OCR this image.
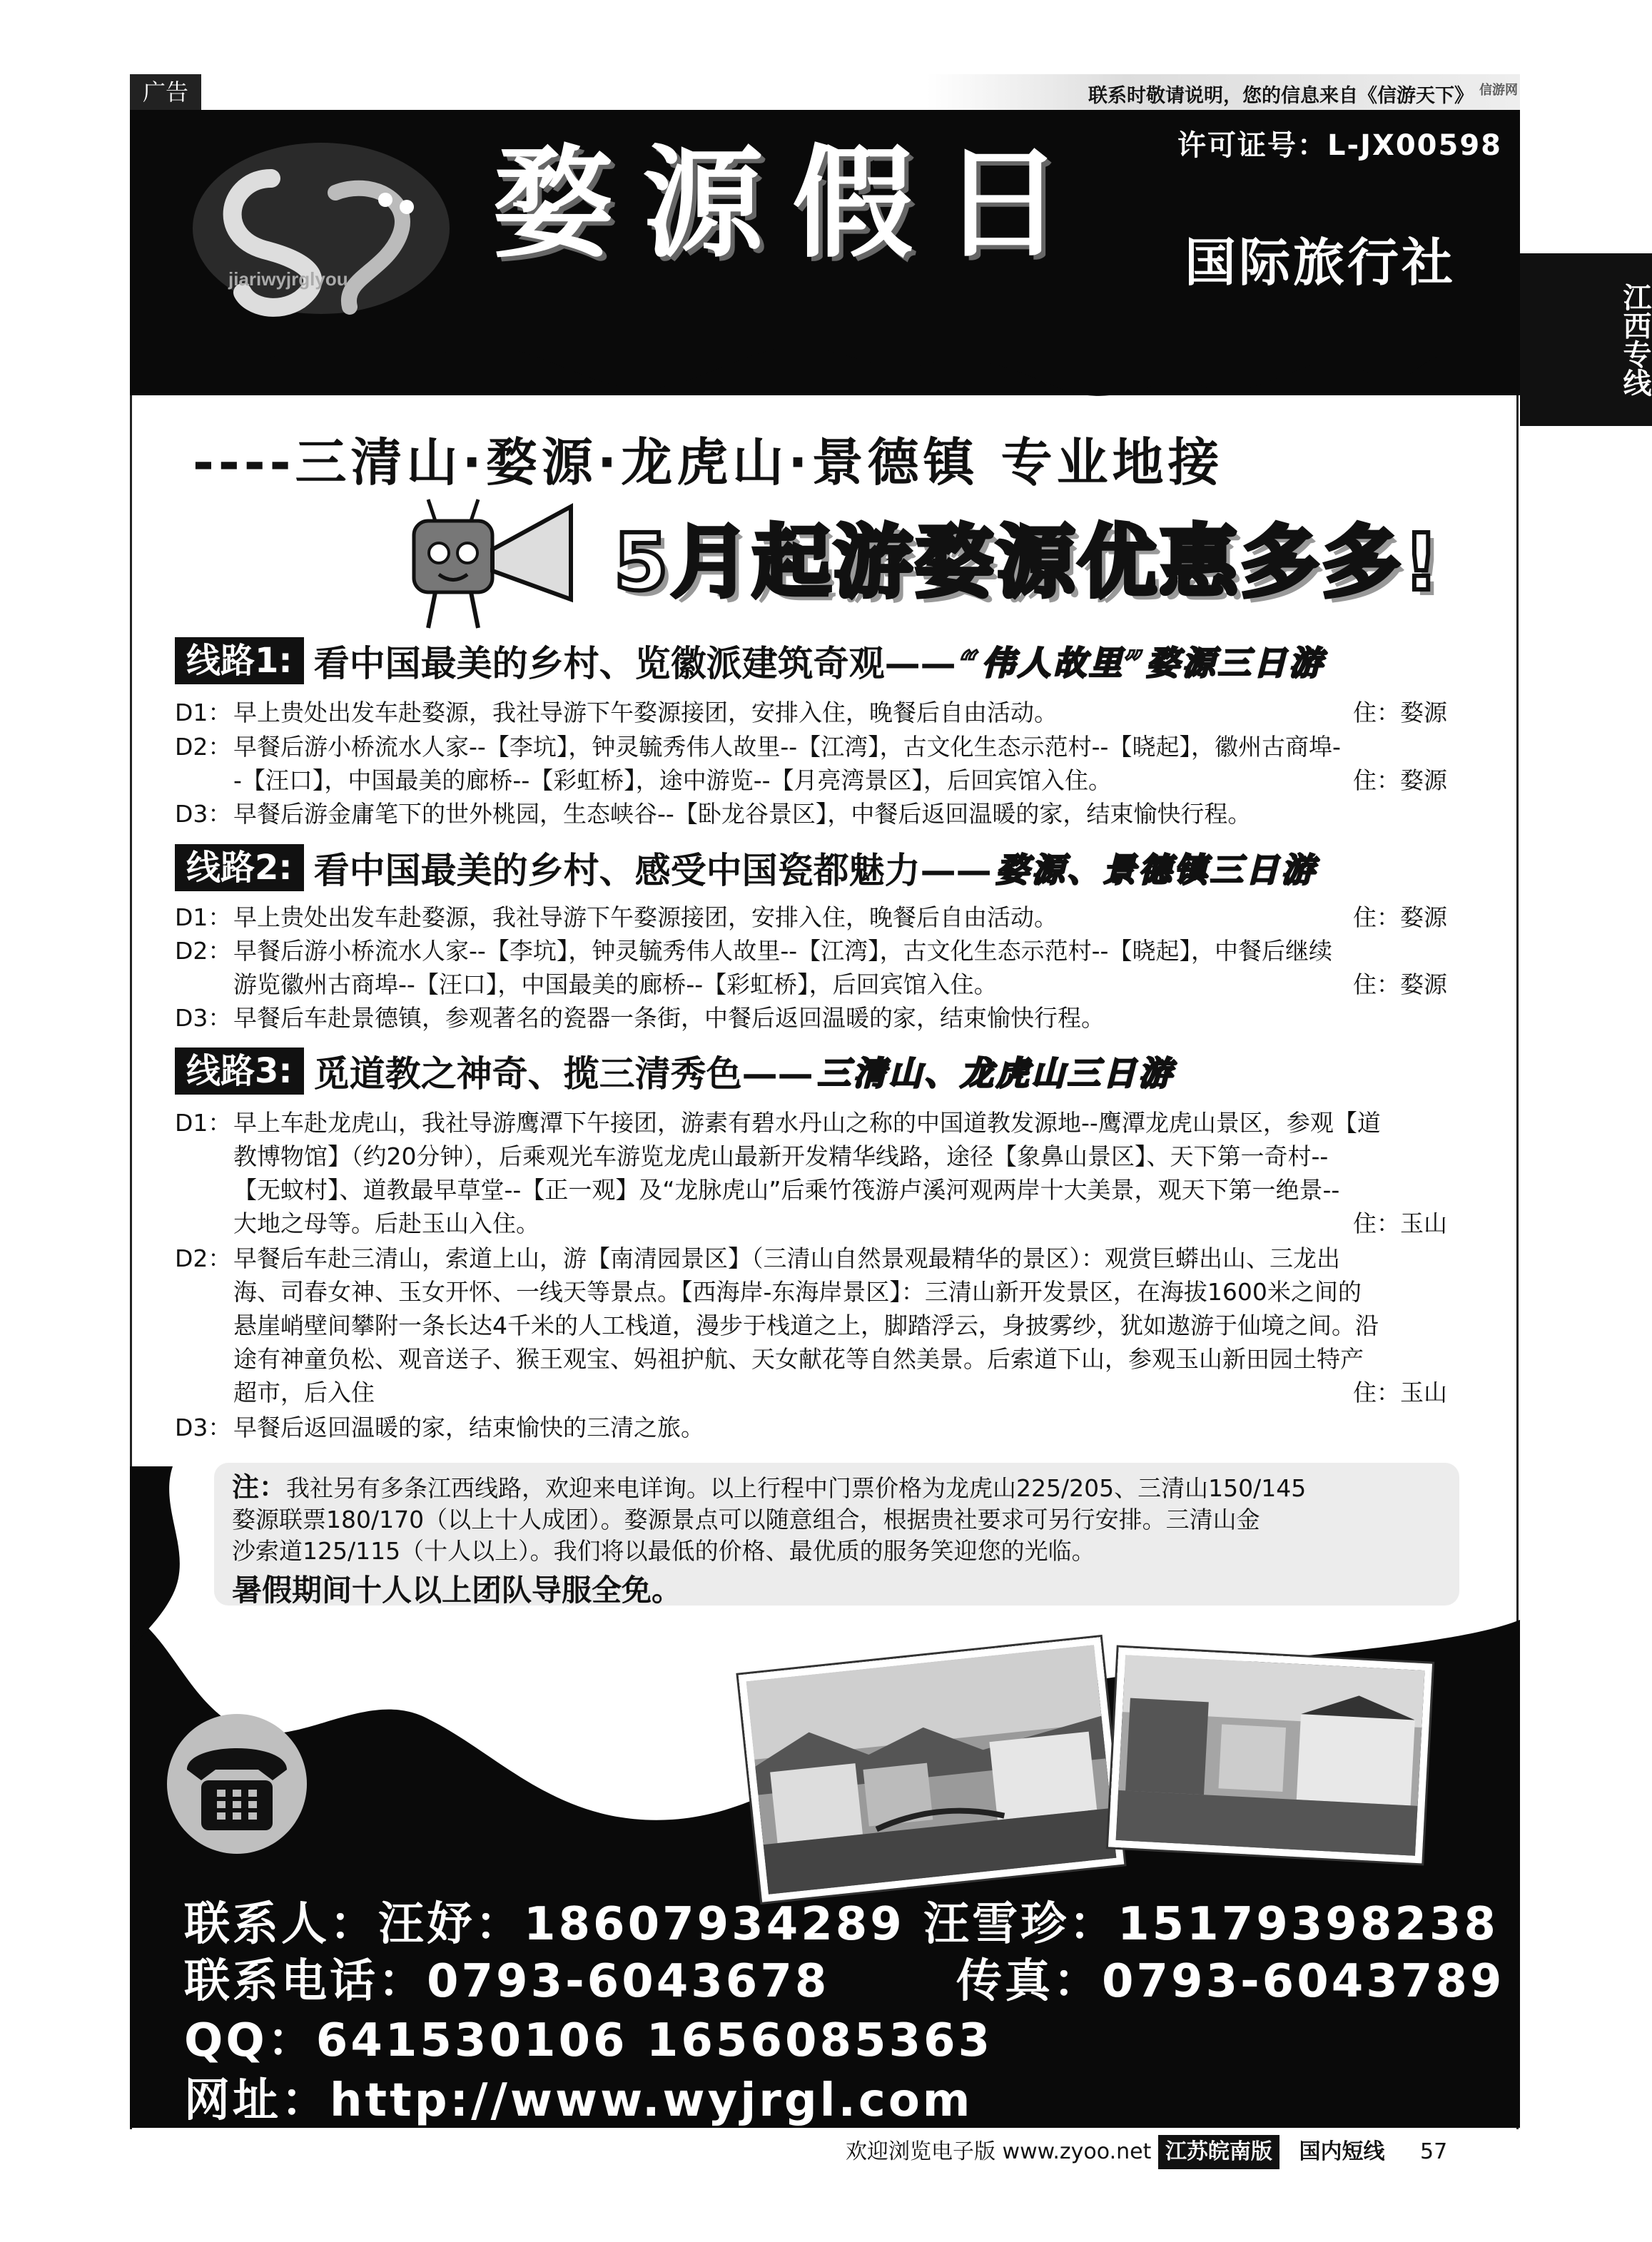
广告	联系时敬请说明，您的信息来自《信游天下》 信游网
jiariwyjrglyou
许可证号：L-JX00598
婺源假日 国际旅行社
江西专线
----三清山·婺源·龙虎山·景德镇 专业地接
5月起游婺源优惠多多!
线路1: 看中国最美的乡村、览徽派建筑奇观—— “伟人故里”婺源三日游
D1：早上贵处出发车赴婺源，我社导游下午婺源接团，安排入住，晚餐后自由活动。	住：婺源
D2：早餐后游小桥流水人家--【李坑】，钟灵毓秀伟人故里--【江湾】，古文化生态示范村--【晓起】，徽州古商埠-
-【汪口】，中国最美的廊桥--【彩虹桥】，途中游览--【月亮湾景区】，后回宾馆入住。	住：婺源
D3：早餐后游金庸笔下的世外桃园，生态峡谷--【卧龙谷景区】，中餐后返回温暖的家，结束愉快行程。
线路2: 看中国最美的乡村、感受中国瓷都魅力—— 婺源、景德镇三日游
D1：早上贵处出发车赴婺源，我社导游下午婺源接团，安排入住，晚餐后自由活动。	住：婺源
D2：早餐后游小桥流水人家--【李坑】，钟灵毓秀伟人故里--【江湾】，古文化生态示范村--【晓起】，中餐后继续
游览徽州古商埠--【汪口】，中国最美的廊桥--【彩虹桥】，后回宾馆入住。	住：婺源
D3：早餐后车赴景德镇，参观著名的瓷器一条街，中餐后返回温暖的家，结束愉快行程。
线路3: 觅道教之神奇、揽三清秀色—— 三清山、龙虎山三日游
D1：早上车赴龙虎山，我社导游鹰潭下午接团，游素有碧水丹山之称的中国道教发源地--鹰潭龙虎山景区，参观【道
教博物馆】（约20分钟），后乘观光车游览龙虎山最新开发精华线路，途径【象鼻山景区】、天下第一奇村--
【无蚊村】、道教最早草堂--【正一观】及“龙脉虎山”后乘竹筏游卢溪河观两岸十大美景，观天下第一绝景--
大地之母等。后赴玉山入住。	住：玉山
D2：早餐后车赴三清山，索道上山，游【南清园景区】（三清山自然景观最精华的景区）：观赏巨蟒出山、三龙出
海、司春女神、玉女开怀、一线天等景点。【西海岸-东海岸景区】：三清山新开发景区，在海拔1600米之间的
悬崖峭壁间攀附一条长达4千米的人工栈道，漫步于栈道之上，脚踏浮云，身披雾纱，犹如遨游于仙境之间。沿
途有神童负松、观音送子、猴王观宝、妈祖护航、天女献花等自然美景。后索道下山，参观玉山新田园土特产
超市，后入住	住：玉山
D3：早餐后返回温暖的家，结束愉快的三清之旅。
注：我社另有多条江西线路，欢迎来电详询。以上行程中门票价格为龙虎山225/205、三清山150/145
婺源联票180/170（以上十人成团）。婺源景点可以随意组合，根据贵社要求可另行安排。三清山金
沙索道125/115（十人以上）。我们将以最低的价格、最优质的服务笑迎您的光临。
暑假期间十人以上团队导服全免。
联系人：汪妤：18607934289 汪雪珍：15179398238
联系电话：0793-6043678	传真：0793-6043789
QQ：641530106 1656085363
网址：http://www.wyjrgl.com
欢迎浏览电子版 www.zyoo.net 江苏皖南版 国内短线 57
